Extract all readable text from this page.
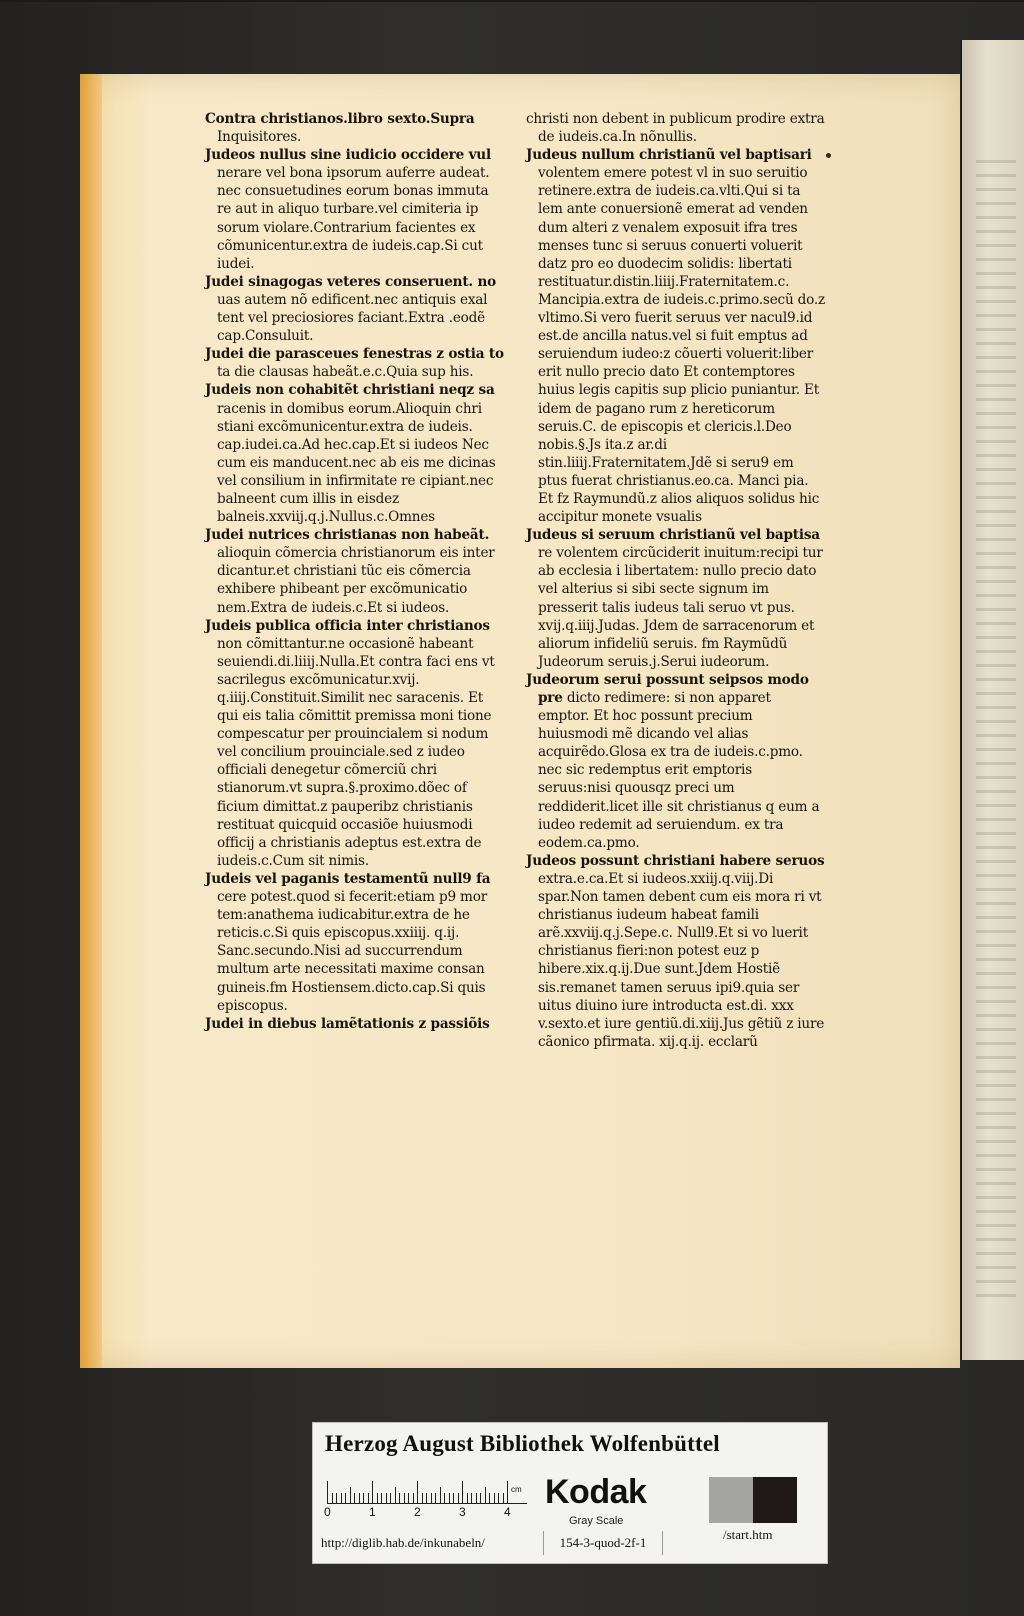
Contra christianos.libro sexto.Supra Inquisitores.

Judeos nullus sine iudicio occidere vul nerare vel bona ipsorum auferre audeat. nec consuetudines eorum bonas immuta re aut in aliquo turbare.vel cimiteria ip sorum violare.Contrarium facientes ex cõmunicentur.extra de iudeis.cap.Si cut iudei.

Judei sinagogas veteres conseruent. no uas autem nõ edificent.nec antiquis exal tent vel preciosiores faciant.Extra .eodẽ cap.Consuluit.

Judei die parasceues fenestras z ostia to ta die clausas habeãt.e.c.Quia sup his.

Judeis non cohabitẽt christiani neqz sa racenis in domibus eorum.Alioquin chri stiani excõmunicentur.extra de iudeis. cap.iudei.ca.Ad hec.cap.Et si iudeos Nec cum eis manducent.nec ab eis me dicinas vel consilium in infirmitate re cipiant.nec balneent cum illis in eisdez balneis.xxviij.q.j.Nullus.c.Omnes

Judei nutrices christianas non habeãt. alioquin cõmercia christianorum eis inter dicantur.et christiani tũc eis cõmercia exhibere phibeant per excõmunicatio nem.Extra de iudeis.c.Et si iudeos.

Judeis publica officia inter christianos non cõmittantur.ne occasionẽ habeant seuiendi.di.liiij.Nulla.Et contra faci ens vt sacrilegus excõmunicatur.xvij. q.iiij.Constituit.Similit nec saracenis. Et qui eis talia cõmittit premissa moni tione compescatur per prouincialem si nodum vel concilium prouinciale.sed z iudeo officiali denegetur cõmerciũ chri stianorum.vt supra.§.proximo.dõec of ficium dimittat.z pauperibz christianis restituat quicquid occasiõe huiusmodi officij a christianis adeptus est.extra de iudeis.c.Cum sit nimis.

Judeis vel paganis testamentũ null9 fa cere potest.quod si fecerit:etiam p9 mor tem:anathema iudicabitur.extra de he reticis.c.Si quis episcopus.xxiiij. q.ij. Sanc.secundo.Nisi ad succurrendum multum arte necessitati maxime consan guineis.fm Hostiensem.dicto.cap.Si quis episcopus.

Judei in diebus lamẽtationis z passiõis

christi non debent in publicum prodire extra de iudeis.ca.In nõnullis.

Judeus nullum christianũ vel baptisari volentem emere potest vl in suo seruitio retinere.extra de iudeis.ca.vlti.Qui si ta lem ante conuersionẽ emerat ad venden dum alteri z venalem exposuit ifra tres menses tunc si seruus conuerti voluerit datz pro eo duodecim solidis: libertati restituatur.distin.liiij.Fraternitatem.c. Mancipia.extra de iudeis.c.primo.secũ do.z vltimo.Si vero fuerit seruus ver nacul9.id est.de ancilla natus.vel si fuit emptus ad seruiendum iudeo:z cõuerti voluerit:liber erit nullo precio dato Et contemptores huius legis capitis sup plicio puniantur. Et idem de pagano rum z hereticorum seruis.C. de episcopis et clericis.l.Deo nobis.§.Js ita.z ar.di stin.liiij.Fraternitatem.Jdẽ si seru9 em ptus fuerat christianus.eo.ca. Manci pia. Et fz Raymundũ.z alios aliquos solidus hic accipitur monete vsualis

Judeus si seruum christianũ vel baptisa re volentem circũciderit inuitum:recipi tur ab ecclesia i libertatem: nullo precio dato vel alterius si sibi secte signum im presserit talis iudeus tali seruo vt pus. xvij.q.iiij.Judas. Jdem de sarracenorum et aliorum infideliũ seruis. fm Raymũdũ Judeorum seruis.j.Serui iudeorum.

Judeorum serui possunt seipsos modo pre dicto redimere: si non apparet emptor. Et hoc possunt precium huiusmodi mẽ dicando vel alias acquirẽdo.Glosa ex tra de iudeis.c.pmo. nec sic redemptus erit emptoris seruus:nisi quousqz preci um reddiderit.licet ille sit christianus q eum a iudeo redemit ad seruiendum. ex tra eodem.ca.pmo.

Judeos possunt christiani habere seruos extra.e.ca.Et si iudeos.xxiij.q.viij.Di spar.Non tamen debent cum eis mora ri vt christianus iudeum habeat famili arẽ.xxviij.q.j.Sepe.c. Null9.Et si vo luerit christianus fieri:non potest euz p hibere.xix.q.ij.Due sunt.Jdem Hostiẽ sis.remanet tamen seruus ipi9.quia ser uitus diuino iure introducta est.di. xxx v.sexto.et iure gentiũ.di.xiij.Jus gẽtiũ z iure cãonico pfirmata. xij.q.ij. ecclarũ

Herzog August Bibliothek Wolfenbüttel
0	1	2	3	4
cm Kodak
Gray Scale
http://diglib.hab.de/inkunabeln/	154-3-quod-2f-1
/start.htm
